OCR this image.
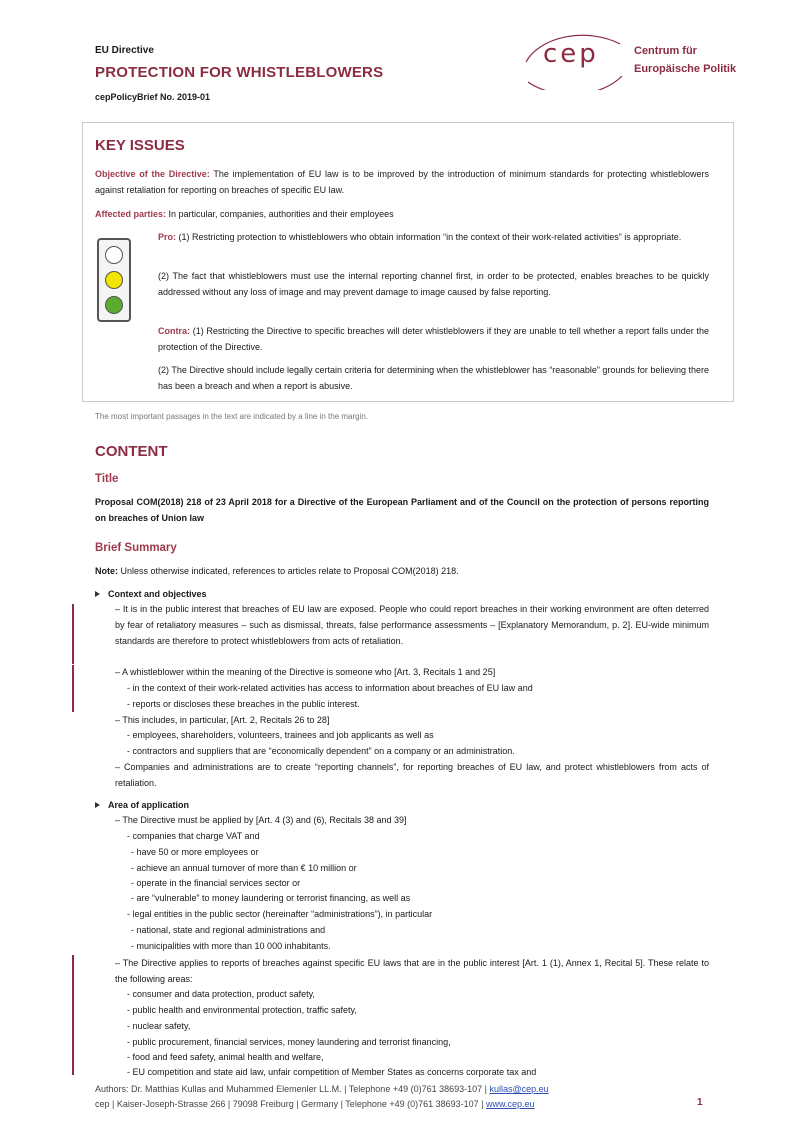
EU Directive
PROTECTION FOR WHISTLEBLOWERS
cepPolicyBrief No. 2019-01
cep	Centrum für
Europäische Politik
KEY ISSUES
Objective of the Directive: The implementation of EU law is to be improved by the introduction of minimum standards for protecting whistleblowers against retaliation for reporting on breaches of specific EU law.
Affected parties: In particular, companies, authorities and their employees
Pro: (1) Restricting protection to whistleblowers who obtain information “in the context of their work-related activities” is appropriate.
(2) The fact that whistleblowers must use the internal reporting channel first, in order to be protected, enables breaches to be quickly addressed without any loss of image and may prevent damage to image caused by false reporting.
Contra: (1) Restricting the Directive to specific breaches will deter whistleblowers if they are unable to tell whether a report falls under the protection of the Directive.
(2) The Directive should include legally certain criteria for determining when the whistleblower has “reasonable” grounds for believing there has been a breach and when a report is abusive.
The most important passages in the text are indicated by a line in the margin.
CONTENT
Title
Proposal COM(2018) 218 of 23 April 2018 for a Directive of the European Parliament and of the Council on the protection of persons reporting on breaches of Union law
Brief Summary
Note: Unless otherwise indicated, references to articles relate to Proposal COM(2018) 218.
Context and objectives
– It is in the public interest that breaches of EU law are exposed. People who could report breaches in their working environment are often deterred by fear of retaliatory measures – such as dismissal, threats, false performance assessments – [Explanatory Memorandum, p. 2]. EU-wide minimum standards are therefore to protect whistleblowers from acts of retaliation.
– A whistleblower within the meaning of the Directive is someone who [Art. 3, Recitals 1 and 25]
- in the context of their work-related activities has access to information about breaches of EU law and
- reports or discloses these breaches in the public interest.
– This includes, in particular, [Art. 2, Recitals 26 to 28]
- employees, shareholders, volunteers, trainees and job applicants as well as
- contractors and suppliers that are “economically dependent” on a company or an administration.
– Companies and administrations are to create “reporting channels”, for reporting breaches of EU law, and protect whistleblowers from acts of retaliation.
Area of application
– The Directive must be applied by [Art. 4 (3) and (6), Recitals 38 and 39]
- companies that charge VAT and
- have 50 or more employees or
- achieve an annual turnover of more than € 10 million or
- operate in the financial services sector or
- are “vulnerable” to money laundering or terrorist financing, as well as
- legal entities in the public sector (hereinafter “administrations”), in particular
- national, state and regional administrations and
- municipalities with more than 10 000 inhabitants.
– The Directive applies to reports of breaches against specific EU laws that are in the public interest [Art. 1 (1), Annex 1, Recital 5]. These relate to the following areas:
- consumer and data protection, product safety,
- public health and environmental protection, traffic safety,
- nuclear safety,
- public procurement, financial services, money laundering and terrorist financing,
- food and feed safety, animal health and welfare,
- EU competition and state aid law, unfair competition of Member States as concerns corporate tax and
Authors: Dr. Matthias Kullas and Muhammed Elemenler LL.M. | Telephone +49 (0)761 38693-107 | kullas@cep.eu
cep | Kaiser-Joseph-Strasse 266 | 79098 Freiburg | Germany | Telephone +49 (0)761 38693-107 | www.cep.eu	1
